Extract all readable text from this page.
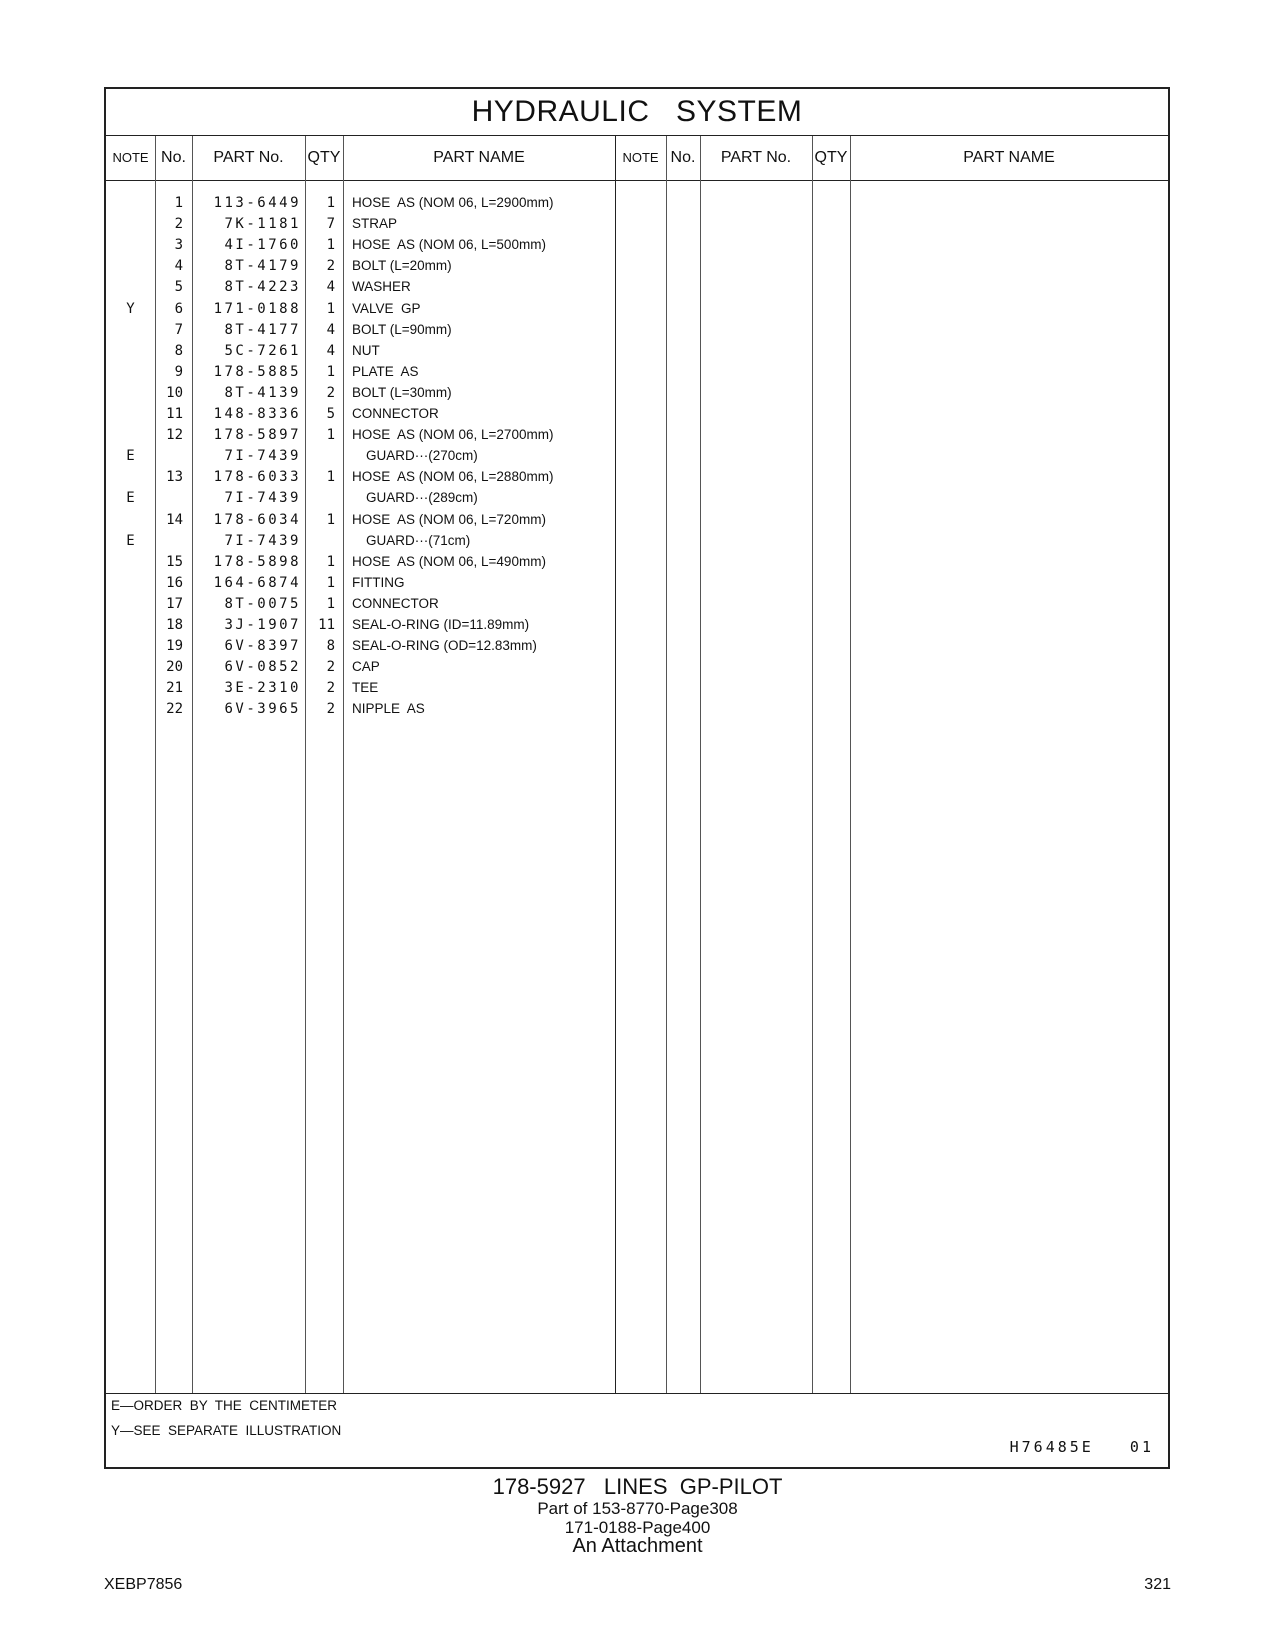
HYDRAULIC   SYSTEM
NOTE No.	PART No.	QTY	PART NAME	NOTE No.	PART No.	QTY	PART NAME
1	113-6449	1 HOSE  AS (NOM 06, L=2900mm)
2	7K-1181	7 STRAP
3	4I-1760	1 HOSE  AS (NOM 06, L=500mm)
4	8T-4179	2 BOLT (L=20mm)
5	8T-4223	4 WASHER
Y	6	171-0188	1 VALVE  GP
7	8T-4177	4 BOLT (L=90mm)
8	5C-7261	4 NUT
9	178-5885	1 PLATE  AS
10	8T-4139	2 BOLT (L=30mm)
11	148-8336	5 CONNECTOR
12	178-5897	1 HOSE  AS (NOM 06, L=2700mm)
E	7I-7439	GUARD···(270cm)
13	178-6033	1 HOSE  AS (NOM 06, L=2880mm)
E	7I-7439	GUARD···(289cm)
14	178-6034	1 HOSE  AS (NOM 06, L=720mm)
E	7I-7439	GUARD···(71cm)
15	178-5898	1 HOSE  AS (NOM 06, L=490mm)
16	164-6874	1 FITTING
17	8T-0075	1 CONNECTOR
18	3J-1907	11 SEAL-O-RING (ID=11.89mm)
19	6V-8397	8 SEAL-O-RING (OD=12.83mm)
20	6V-0852	2 CAP
21	3E-2310	2 TEE
22	6V-3965	2 NIPPLE  AS
E—ORDER  BY  THE  CENTIMETER
Y—SEE  SEPARATE  ILLUSTRATION
H76485E   01
178-5927   LINES  GP-PILOT
Part of 153-8770-Page308
171-0188-Page400
An Attachment
XEBP7856	321
